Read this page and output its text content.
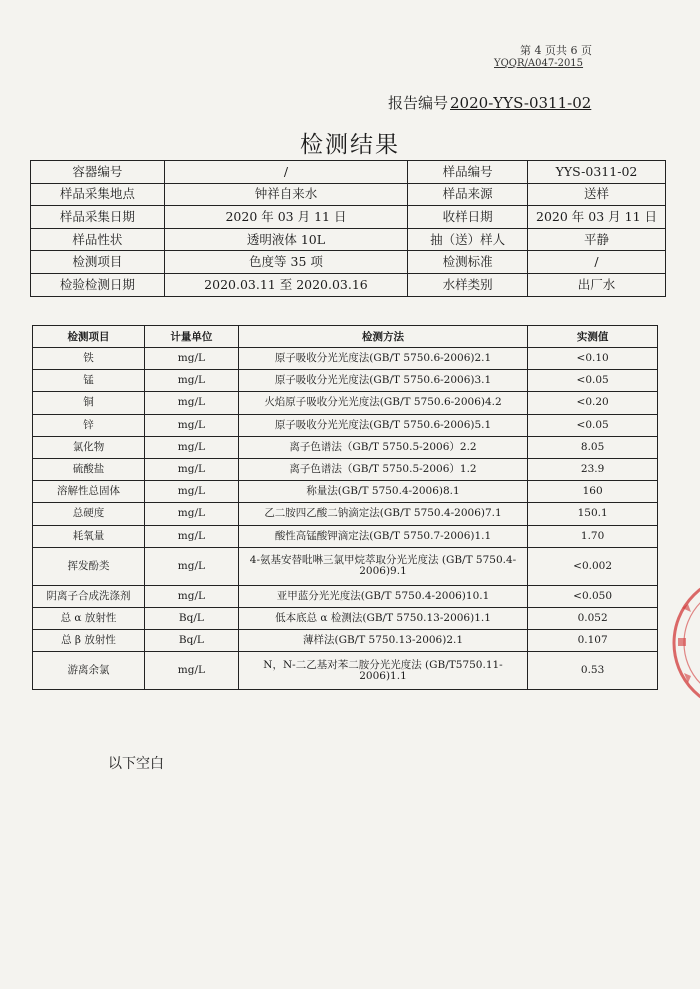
第 4 页共 6 页
YQQR/A047-2015
报告编号 2020-YYS-0311-02
检测结果
容器编号	/	样品编号	YYS-0311-02
样品采集地点	钟祥自来水	样品来源	送样
样品采集日期	2020 年 03 月 11 日	收样日期	2020 年 03 月 11 日
样品性状	透明液体 10L	抽（送）样人	平静
检测项目	色度等 35 项	检测标准	/
检验检测日期	2020.03.11 至 2020.03.16	水样类别	出厂水
检测项目	计量单位	检测方法	实测值
铁	mg/L	原子吸收分光光度法(GB/T 5750.6-2006)2.1	<0.10
锰	mg/L	原子吸收分光光度法(GB/T 5750.6-2006)3.1	<0.05
铜	mg/L	火焰原子吸收分光光度法(GB/T 5750.6-2006)4.2	<0.20
锌	mg/L	原子吸收分光光度法(GB/T 5750.6-2006)5.1	<0.05
氯化物	mg/L	离子色谱法（GB/T 5750.5-2006）2.2	8.05
硫酸盐	mg/L	离子色谱法（GB/T 5750.5-2006）1.2	23.9
溶解性总固体	mg/L	称量法(GB/T 5750.4-2006)8.1	160
总硬度	mg/L	乙二胺四乙酸二钠滴定法(GB/T 5750.4-2006)7.1	150.1
耗氧量	mg/L	酸性高锰酸钾滴定法(GB/T 5750.7-2006)1.1	1.70
挥发酚类	mg/L	4-氨基安替吡啉三氯甲烷萃取分光光度法 (GB/T 5750.4-2006)9.1	<0.002
阴离子合成洗涤剂	mg/L	亚甲蓝分光光度法(GB/T 5750.4-2006)10.1	<0.050
总 α 放射性	Bq/L	低本底总 α 检测法(GB/T 5750.13-2006)1.1	0.052
总 β 放射性	Bq/L	薄样法(GB/T 5750.13-2006)2.1	0.107
游离余氯	mg/L	N，N-二乙基对苯二胺分光光度法 (GB/T5750.11-2006)1.1	0.53
以下空白
